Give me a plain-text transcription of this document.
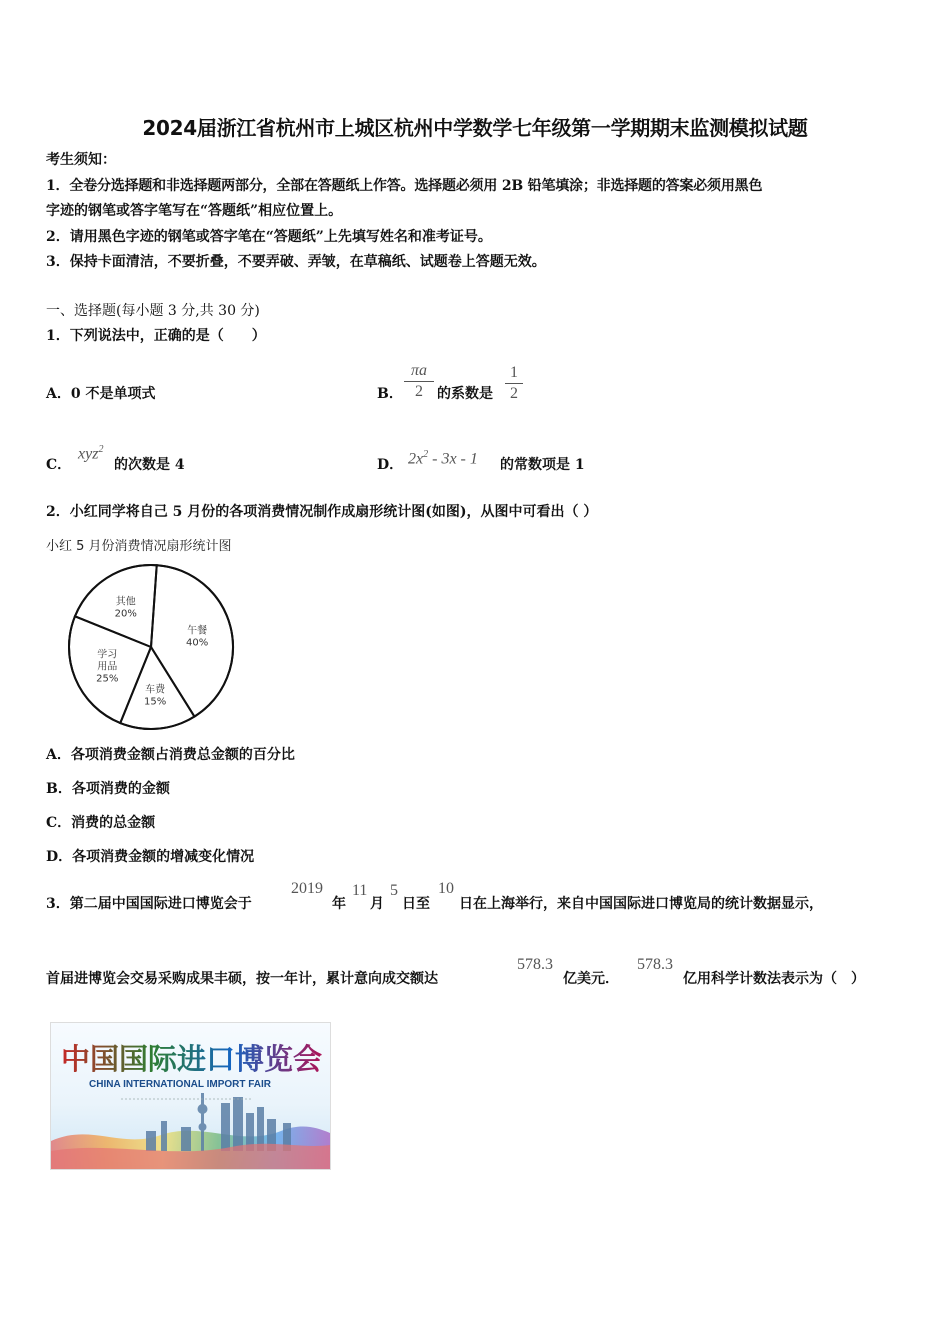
2024届浙江省杭州市上城区杭州中学数学七年级第一学期期末监测模拟试题
考生须知：
1．全卷分选择题和非选择题两部分，全部在答题纸上作答。选择题必须用 2B 铅笔填涂；非选择题的答案必须用黑色
字迹的钢笔或答字笔写在“答题纸”相应位置上。
2．请用黑色字迹的钢笔或答字笔在“答题纸”上先填写姓名和准考证号。
3．保持卡面清洁，不要折叠，不要弄破、弄皱，在草稿纸、试题卷上答题无效。
一、选择题(每小题 3 分,共 30 分)
1．下列说法中，正确的是（　　）
A．0 不是单项式	B．
πa
2	的系数是
1
2
C．
xyz$^2$
的次数是 4	D． $2x^2 - 3x - 1$ 的常数项是 1
2．小红同学将自己 5 月份的各项消费情况制作成扇形统计图(如图)，从图中可看出（ ）
小红 5 月份消费情况扇形统计图
午餐
40%
车费
15%
学习
用品
25%
其他
20%
A．各项消费金额占消费总金额的百分比
B．各项消费的金额
C．消费的总金额
D．各项消费金额的增减变化情况
3．第二届中国国际进口博览会于
2019
年
11
月
5
日至
10
日在上海举行，来自中国国际进口博览局的统计数据显示，
首届进博览会交易采购成果丰硕，按一年计，累计意向成交额达
578.3
亿美元．
578.3
亿用科学计数法表示为（　）
中国国际进口博览会
CHINA INTERNATIONAL IMPORT FAIR
